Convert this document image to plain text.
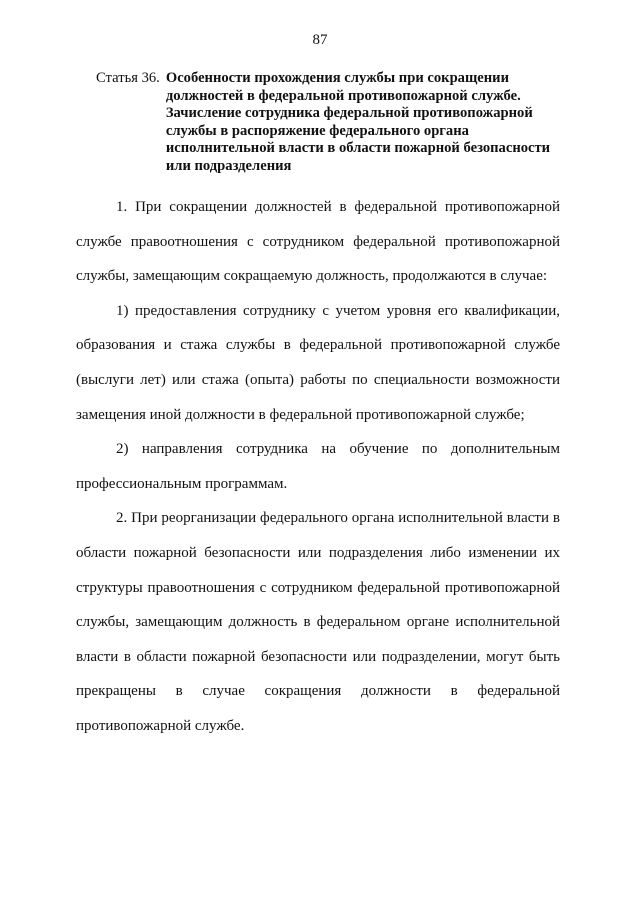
87
Статья 36. Особенности прохождения службы при сокращении должностей в федеральной противопожарной службе. Зачисление сотрудника федеральной противопожарной службы в распоряжение федерального органа исполнительной власти в области пожарной безопасности или подразделения

1. При сокращении должностей в федеральной противопожарной службе правоотношения с сотрудником федеральной противопожарной службы, замещающим сокращаемую должность, продолжаются в случае:

1) предоставления сотруднику с учетом уровня его квалификации, образования и стажа службы в федеральной противопожарной службе (выслуги лет) или стажа (опыта) работы по специальности возможности замещения иной должности в федеральной противопожарной службе;

2) направления сотрудника на обучение по дополнительным профессиональным программам.

2. При реорганизации федерального органа исполнительной власти в области пожарной безопасности или подразделения либо изменении их структуры правоотношения с сотрудником федеральной противопожарной службы, замещающим должность в федеральном органе исполнительной власти в области пожарной безопасности или подразделении, могут быть прекращены в случае сокращения должности в федеральной противопожарной службе.
